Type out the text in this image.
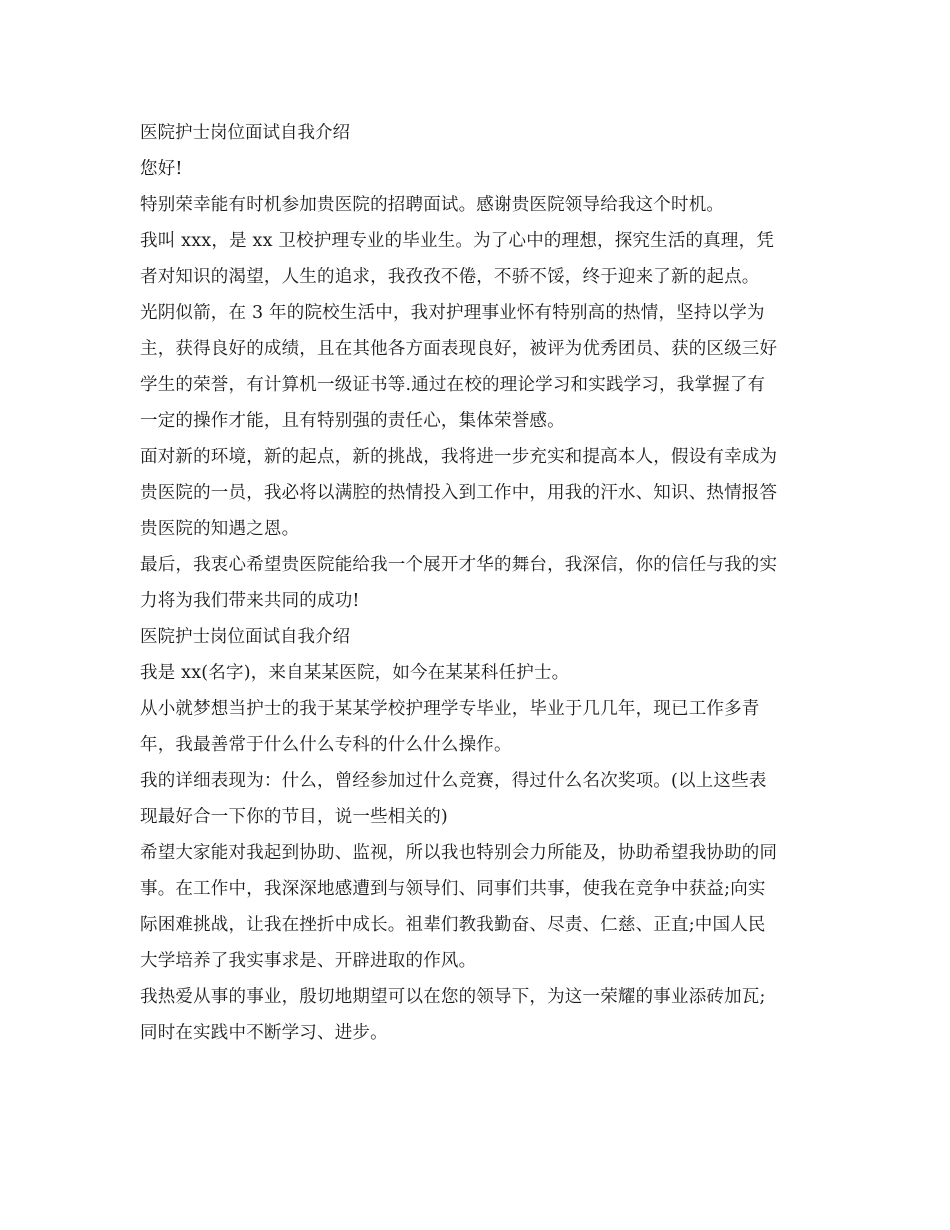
医院护士岗位面试自我介绍

您好!

特别荣幸能有时机参加贵医院的招聘面试。感谢贵医院领导给我这个时机。

我叫 xxx，是 xx 卫校护理专业的毕业生。为了心中的理想，探究生活的真理，凭

者对知识的渴望，人生的追求，我孜孜不倦，不骄不馁，终于迎来了新的起点。

光阴似箭，在 3 年的院校生活中，我对护理事业怀有特别高的热情，坚持以学为

主，获得良好的成绩，且在其他各方面表现良好，被评为优秀团员、获的区级三好

学生的荣誉，有计算机一级证书等.通过在校的理论学习和实践学习，我掌握了有

一定的操作才能，且有特别强的责任心，集体荣誉感。

面对新的环境，新的起点，新的挑战，我将进一步充实和提高本人，假设有幸成为

贵医院的一员，我必将以满腔的热情投入到工作中，用我的汗水、知识、热情报答

贵医院的知遇之恩。

最后，我衷心希望贵医院能给我一个展开才华的舞台，我深信，你的信任与我的实

力将为我们带来共同的成功!

医院护士岗位面试自我介绍

我是 xx(名字)，来自某某医院，如今在某某科任护士。

从小就梦想当护士的我于某某学校护理学专毕业，毕业于几几年，现已工作多青

年，我最善常于什么什么专科的什么什么操作。

我的详细表现为：什么，曾经参加过什么竞赛，得过什么名次奖项。(以上这些表

现最好合一下你的节目，说一些相关的)

希望大家能对我起到协助、监视，所以我也特别会力所能及，协助希望我协助的同

事。在工作中，我深深地感遭到与领导们、同事们共事，使我在竞争中获益;向实

际困难挑战，让我在挫折中成长。祖辈们教我勤奋、尽责、仁慈、正直;中国人民

大学培养了我实事求是、开辟进取的作风。

我热爱从事的事业，殷切地期望可以在您的领导下，为这一荣耀的事业添砖加瓦;

同时在实践中不断学习、进步。
